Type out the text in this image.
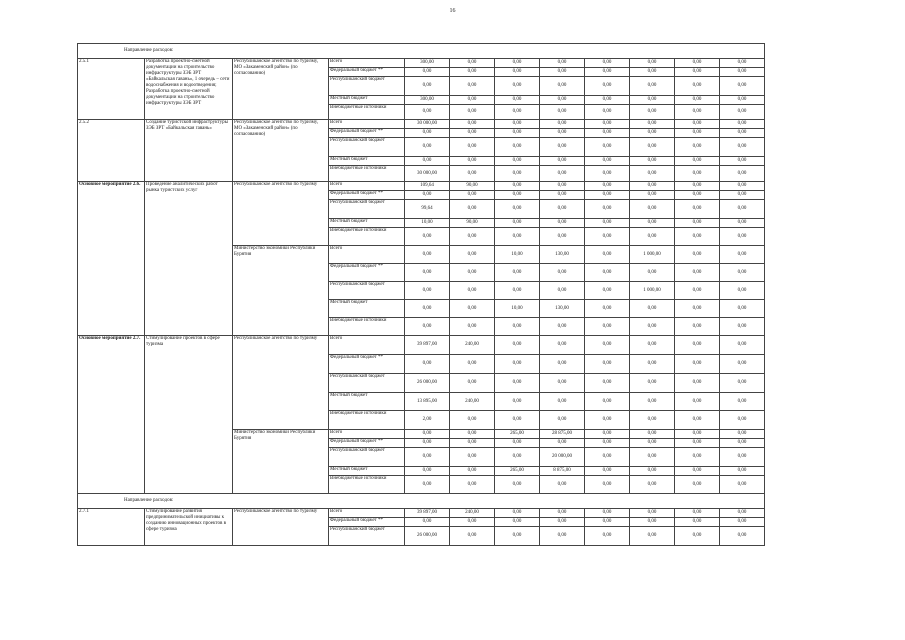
16
Направление расходов:											
2.5.1	Разработка проектно-сметной документации на строительство инфраструктуры ЗЭБ ЗРТ «Байкальская гавань», 1 очередь – сети водоснабжения и водоотведения; Разработка проектно-сметной документации на строительство инфраструктуры ЗЭБ ЗРТ	Республиканское агентство по туризму, МО «Закаменский район» (по согласованию)	Всего	300,00	0,00	0,00	0,00	0,00	0,00	0,00	0,00
			Федеральный бюджет **	0,00	0,00	0,00	0,00	0,00	0,00	0,00	0,00
			Республиканский бюджет	0,00	0,00	0,00	0,00	0,00	0,00	0,00	0,00
			Местный бюджет	300,00	0,00	0,00	0,00	0,00	0,00	0,00	0,00
			Внебюджетные источники	0,00	0,00	0,00	0,00	0,00	0,00	0,00	0,00
2.5.2	Создание туристской инфраструктуры ЗЭБ ЗРТ «Байкальская гавань»	Республиканское агентство по туризму, МО «Закаменский район» (по согласованию)	Всего	30 000,00	0,00	0,00	0,00	0,00	0,00	0,00	0,00
			Федеральный бюджет **	0,00	0,00	0,00	0,00	0,00	0,00	0,00	0,00
			Республиканский бюджет	0,00	0,00	0,00	0,00	0,00	0,00	0,00	0,00
			Местный бюджет	0,00	0,00	0,00	0,00	0,00	0,00	0,00	0,00
			Внебюджетные источники	30 000,00	0,00	0,00	0,00	0,00	0,00	0,00	0,00
Основное мероприятие 2.6.	Проведение аналитических работ рынка туристских услуг	Республиканское агентство по туризму	Всего	109,64	90,00	0,00	0,00	0,00	0,00	0,00	0,00
			Федеральный бюджет **	0,00	0,00	0,00	0,00	0,00	0,00	0,00	0,00
			Республиканский бюджет	99,64	0,00	0,00	0,00	0,00	0,00	0,00	0,00
			Местный бюджет	10,00	90,00	0,00	0,00	0,00	0,00	0,00	0,00
			Внебюджетные источники	0,00	0,00	0,00	0,00	0,00	0,00	0,00	0,00
		Министерство экономики Республики Бурятия	Всего	0,00	0,00	10,00	130,00	0,00	1 000,00	0,00	0,00
			Федеральный бюджет **	0,00	0,00	0,00	0,00	0,00	0,00	0,00	0,00
			Республиканский бюджет	0,00	0,00	0,00	0,00	0,00	1 000,00	0,00	0,00
			Местный бюджет	0,00	0,00	10,00	130,00	0,00	0,00	0,00	0,00
			Внебюджетные источники	0,00	0,00	0,00	0,00	0,00	0,00	0,00	0,00
Основное мероприятие 2.7.	Стимулирование проектов в сфере туризма	Республиканское агентство по туризму	Всего	39 897,00	240,00	0,00	0,00	0,00	0,00	0,00	0,00
			Федеральный бюджет **	0,00	0,00	0,00	0,00	0,00	0,00	0,00	0,00
			Республиканский бюджет	26 000,00	0,00	0,00	0,00	0,00	0,00	0,00	0,00
			Местный бюджет	13 895,00	240,00	0,00	0,00	0,00	0,00	0,00	0,00
			Внебюджетные источники	2,00	0,00	0,00	0,00	0,00	0,00	0,00	0,00
		Министерство экономики Республики Бурятия	Всего	0,00	0,00	265,00	28 875,00	0,00	0,00	0,00	0,00
			Федеральный бюджет **	0,00	0,00	0,00	0,00	0,00	0,00	0,00	0,00
			Республиканский бюджет	0,00	0,00	0,00	20 000,00	0,00	0,00	0,00	0,00
			Местный бюджет	0,00	0,00	265,00	8 875,00	0,00	0,00	0,00	0,00
			Внебюджетные источники	0,00	0,00	0,00	0,00	0,00	0,00	0,00	0,00
Направление расходов:											
2.7.1	Стимулирование развития предпринимательской инициативы к созданию инновационных проектов в сфере туризма	Республиканское агентство по туризму	Всего	39 897,00	240,00	0,00	0,00	0,00	0,00	0,00	0,00
			Федеральный бюджет **	0,00	0,00	0,00	0,00	0,00	0,00	0,00	0,00
			Республиканский бюджет	26 000,00	0,00	0,00	0,00	0,00	0,00	0,00	0,00
